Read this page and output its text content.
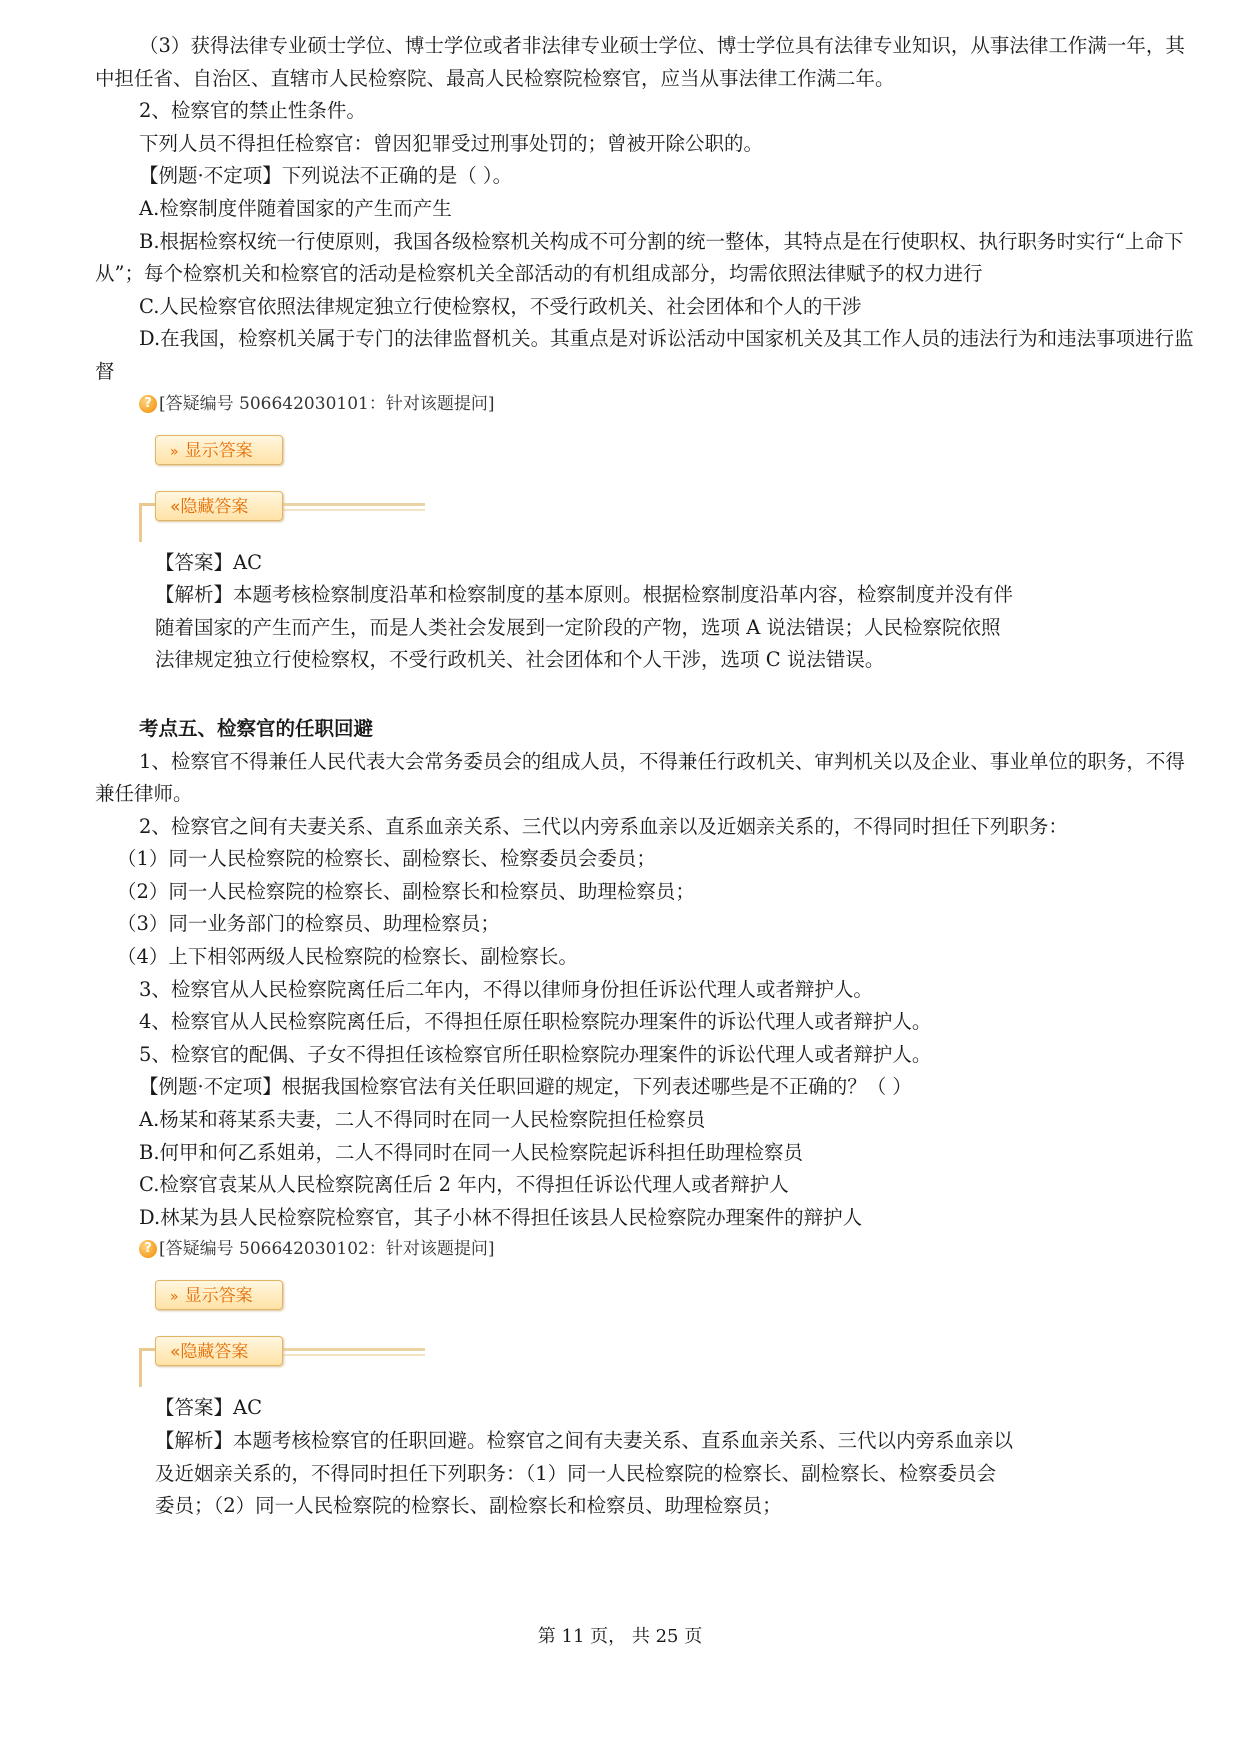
（3）获得法律专业硕士学位、博士学位或者非法律专业硕士学位、博士学位具有法律专业知识，从事法律工作满一年，其中担任省、自治区、直辖市人民检察院、最高人民检察院检察官，应当从事法律工作满二年。

2、检察官的禁止性条件。

下列人员不得担任检察官：曾因犯罪受过刑事处罚的；曾被开除公职的。

【例题·不定项】下列说法不正确的是（ ）。

A.检察制度伴随着国家的产生而产生

B.根据检察权统一行使原则，我国各级检察机关构成不可分割的统一整体，其特点是在行使职权、执行职务时实行“上命下从”；每个检察机关和检察官的活动是检察机关全部活动的有机组成部分，均需依照法律赋予的权力进行

C.人民检察官依照法律规定独立行使检察权，不受行政机关、社会团体和个人的干涉

D.在我国，检察机关属于专门的法律监督机关。其重点是对诉讼活动中国家机关及其工作人员的违法行为和违法事项进行监督

? [答疑编号 506642030101：针对该题提问]
» 显示答案
«隐藏答案

【答案】AC

【解析】本题考核检察制度沿革和检察制度的基本原则。根据检察制度沿革内容，检察制度并没有伴随着国家的产生而产生，而是人类社会发展到一定阶段的产物，选项 A 说法错误；人民检察院依照法律规定独立行使检察权，不受行政机关、社会团体和个人干涉，选项 C 说法错误。

考点五、检察官的任职回避

1、检察官不得兼任人民代表大会常务委员会的组成人员，不得兼任行政机关、审判机关以及企业、事业单位的职务，不得兼任律师。

2、检察官之间有夫妻关系、直系血亲关系、三代以内旁系血亲以及近姻亲关系的，不得同时担任下列职务：

（1）同一人民检察院的检察长、副检察长、检察委员会委员；

（2）同一人民检察院的检察长、副检察长和检察员、助理检察员；

（3）同一业务部门的检察员、助理检察员；

（4）上下相邻两级人民检察院的检察长、副检察长。

3、检察官从人民检察院离任后二年内，不得以律师身份担任诉讼代理人或者辩护人。

4、检察官从人民检察院离任后，不得担任原任职检察院办理案件的诉讼代理人或者辩护人。

5、检察官的配偶、子女不得担任该检察官所任职检察院办理案件的诉讼代理人或者辩护人。

【例题·不定项】根据我国检察官法有关任职回避的规定，下列表述哪些是不正确的？（ ）

A.杨某和蒋某系夫妻，二人不得同时在同一人民检察院担任检察员

B.何甲和何乙系姐弟，二人不得同时在同一人民检察院起诉科担任助理检察员

C.检察官袁某从人民检察院离任后 2 年内，不得担任诉讼代理人或者辩护人

D.林某为县人民检察院检察官，其子小林不得担任该县人民检察院办理案件的辩护人

? [答疑编号 506642030102：针对该题提问]
» 显示答案
«隐藏答案

【答案】AC

【解析】本题考核检察官的任职回避。检察官之间有夫妻关系、直系血亲关系、三代以内旁系血亲以及近姻亲关系的，不得同时担任下列职务：（1）同一人民检察院的检察长、副检察长、检察委员会委员；（2）同一人民检察院的检察长、副检察长和检察员、助理检察员；

第 11 页， 共 25 页
